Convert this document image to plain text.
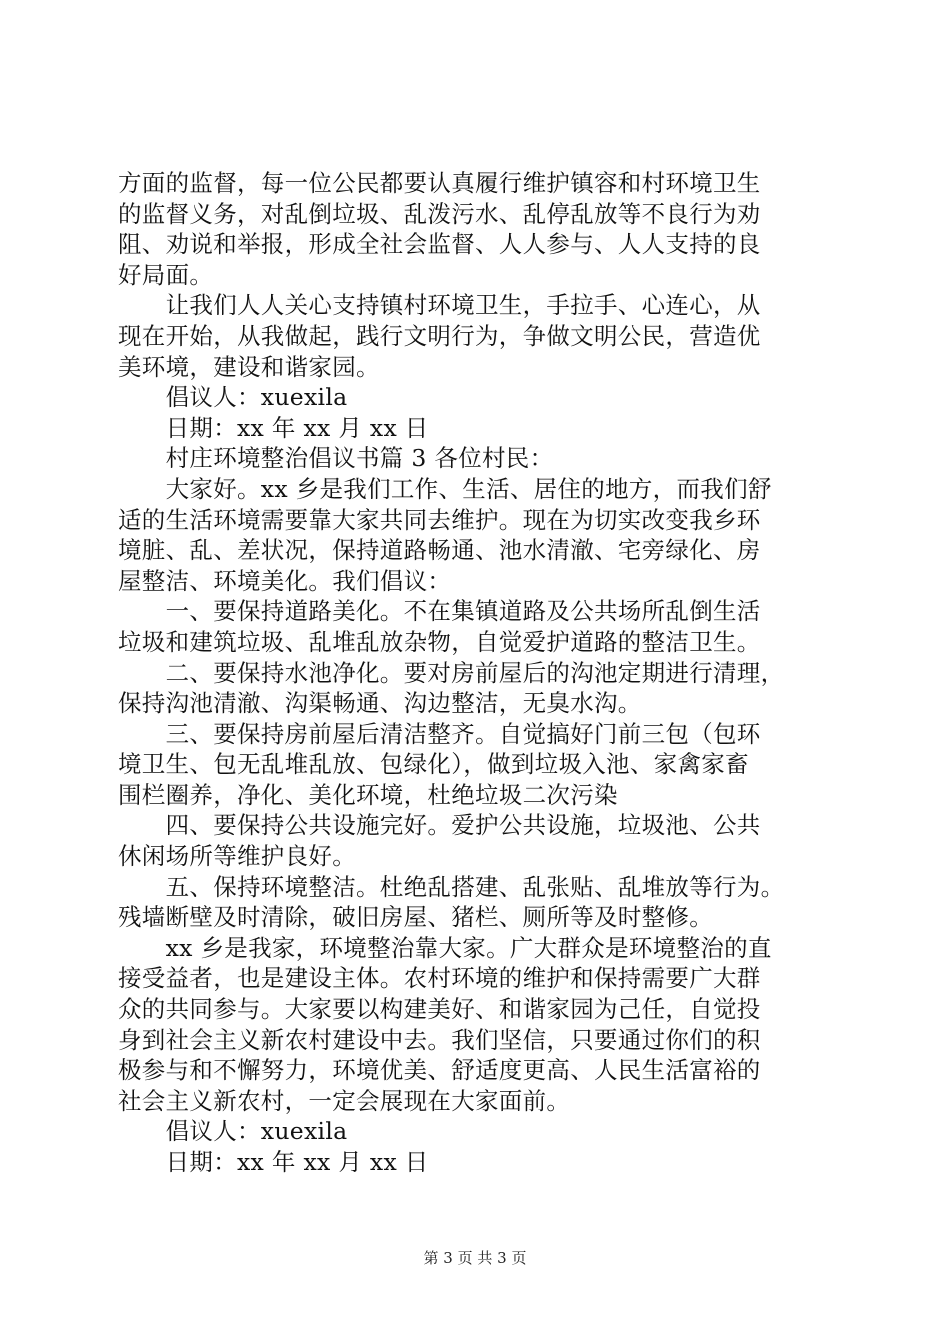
方面的监督，每一位公民都要认真履行维护镇容和村环境卫生
的监督义务，对乱倒垃圾、乱泼污水、乱停乱放等不良行为劝
阻、劝说和举报，形成全社会监督、人人参与、人人支持的良
好局面。
　　让我们人人关心支持镇村环境卫生，手拉手、心连心，从
现在开始，从我做起，践行文明行为，争做文明公民，营造优
美环境，建设和谐家园。
　　倡议人：xuexila
　　日期：xx 年 xx 月 xx 日
　　村庄环境整治倡议书篇 3 各位村民：
　　大家好。xx 乡是我们工作、生活、居住的地方，而我们舒
适的生活环境需要靠大家共同去维护。现在为切实改变我乡环
境脏、乱、差状况，保持道路畅通、池水清澈、宅旁绿化、房
屋整洁、环境美化。我们倡议：
　　一、要保持道路美化。不在集镇道路及公共场所乱倒生活
垃圾和建筑垃圾、乱堆乱放杂物，自觉爱护道路的整洁卫生。
　　二、要保持水池净化。要对房前屋后的沟池定期进行清理，
保持沟池清澈、沟渠畅通、沟边整洁，无臭水沟。
　　三、要保持房前屋后清洁整齐。自觉搞好门前三包（包环
境卫生、包无乱堆乱放、包绿化），做到垃圾入池、家禽家畜
围栏圈养，净化、美化环境，杜绝垃圾二次污染
　　四、要保持公共设施完好。爱护公共设施，垃圾池、公共
休闲场所等维护良好。
　　五、保持环境整洁。杜绝乱搭建、乱张贴、乱堆放等行为。
残墙断壁及时清除，破旧房屋、猪栏、厕所等及时整修。
　　xx 乡是我家，环境整治靠大家。广大群众是环境整治的直
接受益者，也是建设主体。农村环境的维护和保持需要广大群
众的共同参与。大家要以构建美好、和谐家园为己任，自觉投
身到社会主义新农村建设中去。我们坚信，只要通过你们的积
极参与和不懈努力，环境优美、舒适度更高、人民生活富裕的
社会主义新农村，一定会展现在大家面前。
　　倡议人：xuexila
　　日期：xx 年 xx 月 xx 日
第 3 页 共 3 页
